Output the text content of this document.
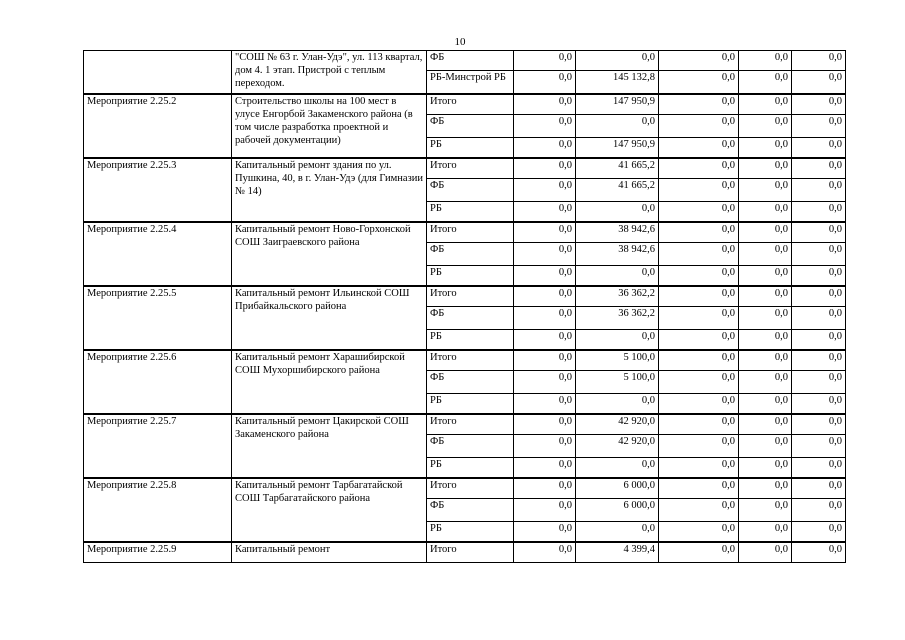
10
	"СОШ № 63 г. Улан-Удэ", ул. 113 квартал, дом 4. 1 этап. Пристрой с теплым переходом.	ФБ	0,0	0,0	0,0	0,0	0,0
		РБ-Минстрой РБ	0,0	145 132,8	0,0	0,0	0,0
Мероприятие 2.25.2	Строительство школы на 100 мест в улусе Енгорбой Закаменского района (в том числе разработка проектной и рабочей документации)	Итого	0,0	147 950,9	0,0	0,0	0,0
		ФБ	0,0	0,0	0,0	0,0	0,0
		РБ	0,0	147 950,9	0,0	0,0	0,0
Мероприятие 2.25.3	Капитальный ремонт здания по ул. Пушкина, 40, в г. Улан-Удэ (для Гимназии № 14)	Итого	0,0	41 665,2	0,0	0,0	0,0
		ФБ	0,0	41 665,2	0,0	0,0	0,0
		РБ	0,0	0,0	0,0	0,0	0,0
Мероприятие 2.25.4	Капитальный ремонт Ново-Горхонской СОШ Заиграевского района	Итого	0,0	38 942,6	0,0	0,0	0,0
		ФБ	0,0	38 942,6	0,0	0,0	0,0
		РБ	0,0	0,0	0,0	0,0	0,0
Мероприятие 2.25.5	Капитальный ремонт Ильинской СОШ Прибайкальского района	Итого	0,0	36 362,2	0,0	0,0	0,0
		ФБ	0,0	36 362,2	0,0	0,0	0,0
		РБ	0,0	0,0	0,0	0,0	0,0
Мероприятие 2.25.6	Капитальный ремонт Харашибирской СОШ Мухоршибирского района	Итого	0,0	5 100,0	0,0	0,0	0,0
		ФБ	0,0	5 100,0	0,0	0,0	0,0
		РБ	0,0	0,0	0,0	0,0	0,0
Мероприятие 2.25.7	Капитальный ремонт Цакирской СОШ Закаменского района	Итого	0,0	42 920,0	0,0	0,0	0,0
		ФБ	0,0	42 920,0	0,0	0,0	0,0
		РБ	0,0	0,0	0,0	0,0	0,0
Мероприятие 2.25.8	Капитальный ремонт Тарбагатайской СОШ Тарбагатайского района	Итого	0,0	6 000,0	0,0	0,0	0,0
		ФБ	0,0	6 000,0	0,0	0,0	0,0
		РБ	0,0	0,0	0,0	0,0	0,0
Мероприятие 2.25.9	Капитальный ремонт	Итого	0,0	4 399,4	0,0	0,0	0,0
